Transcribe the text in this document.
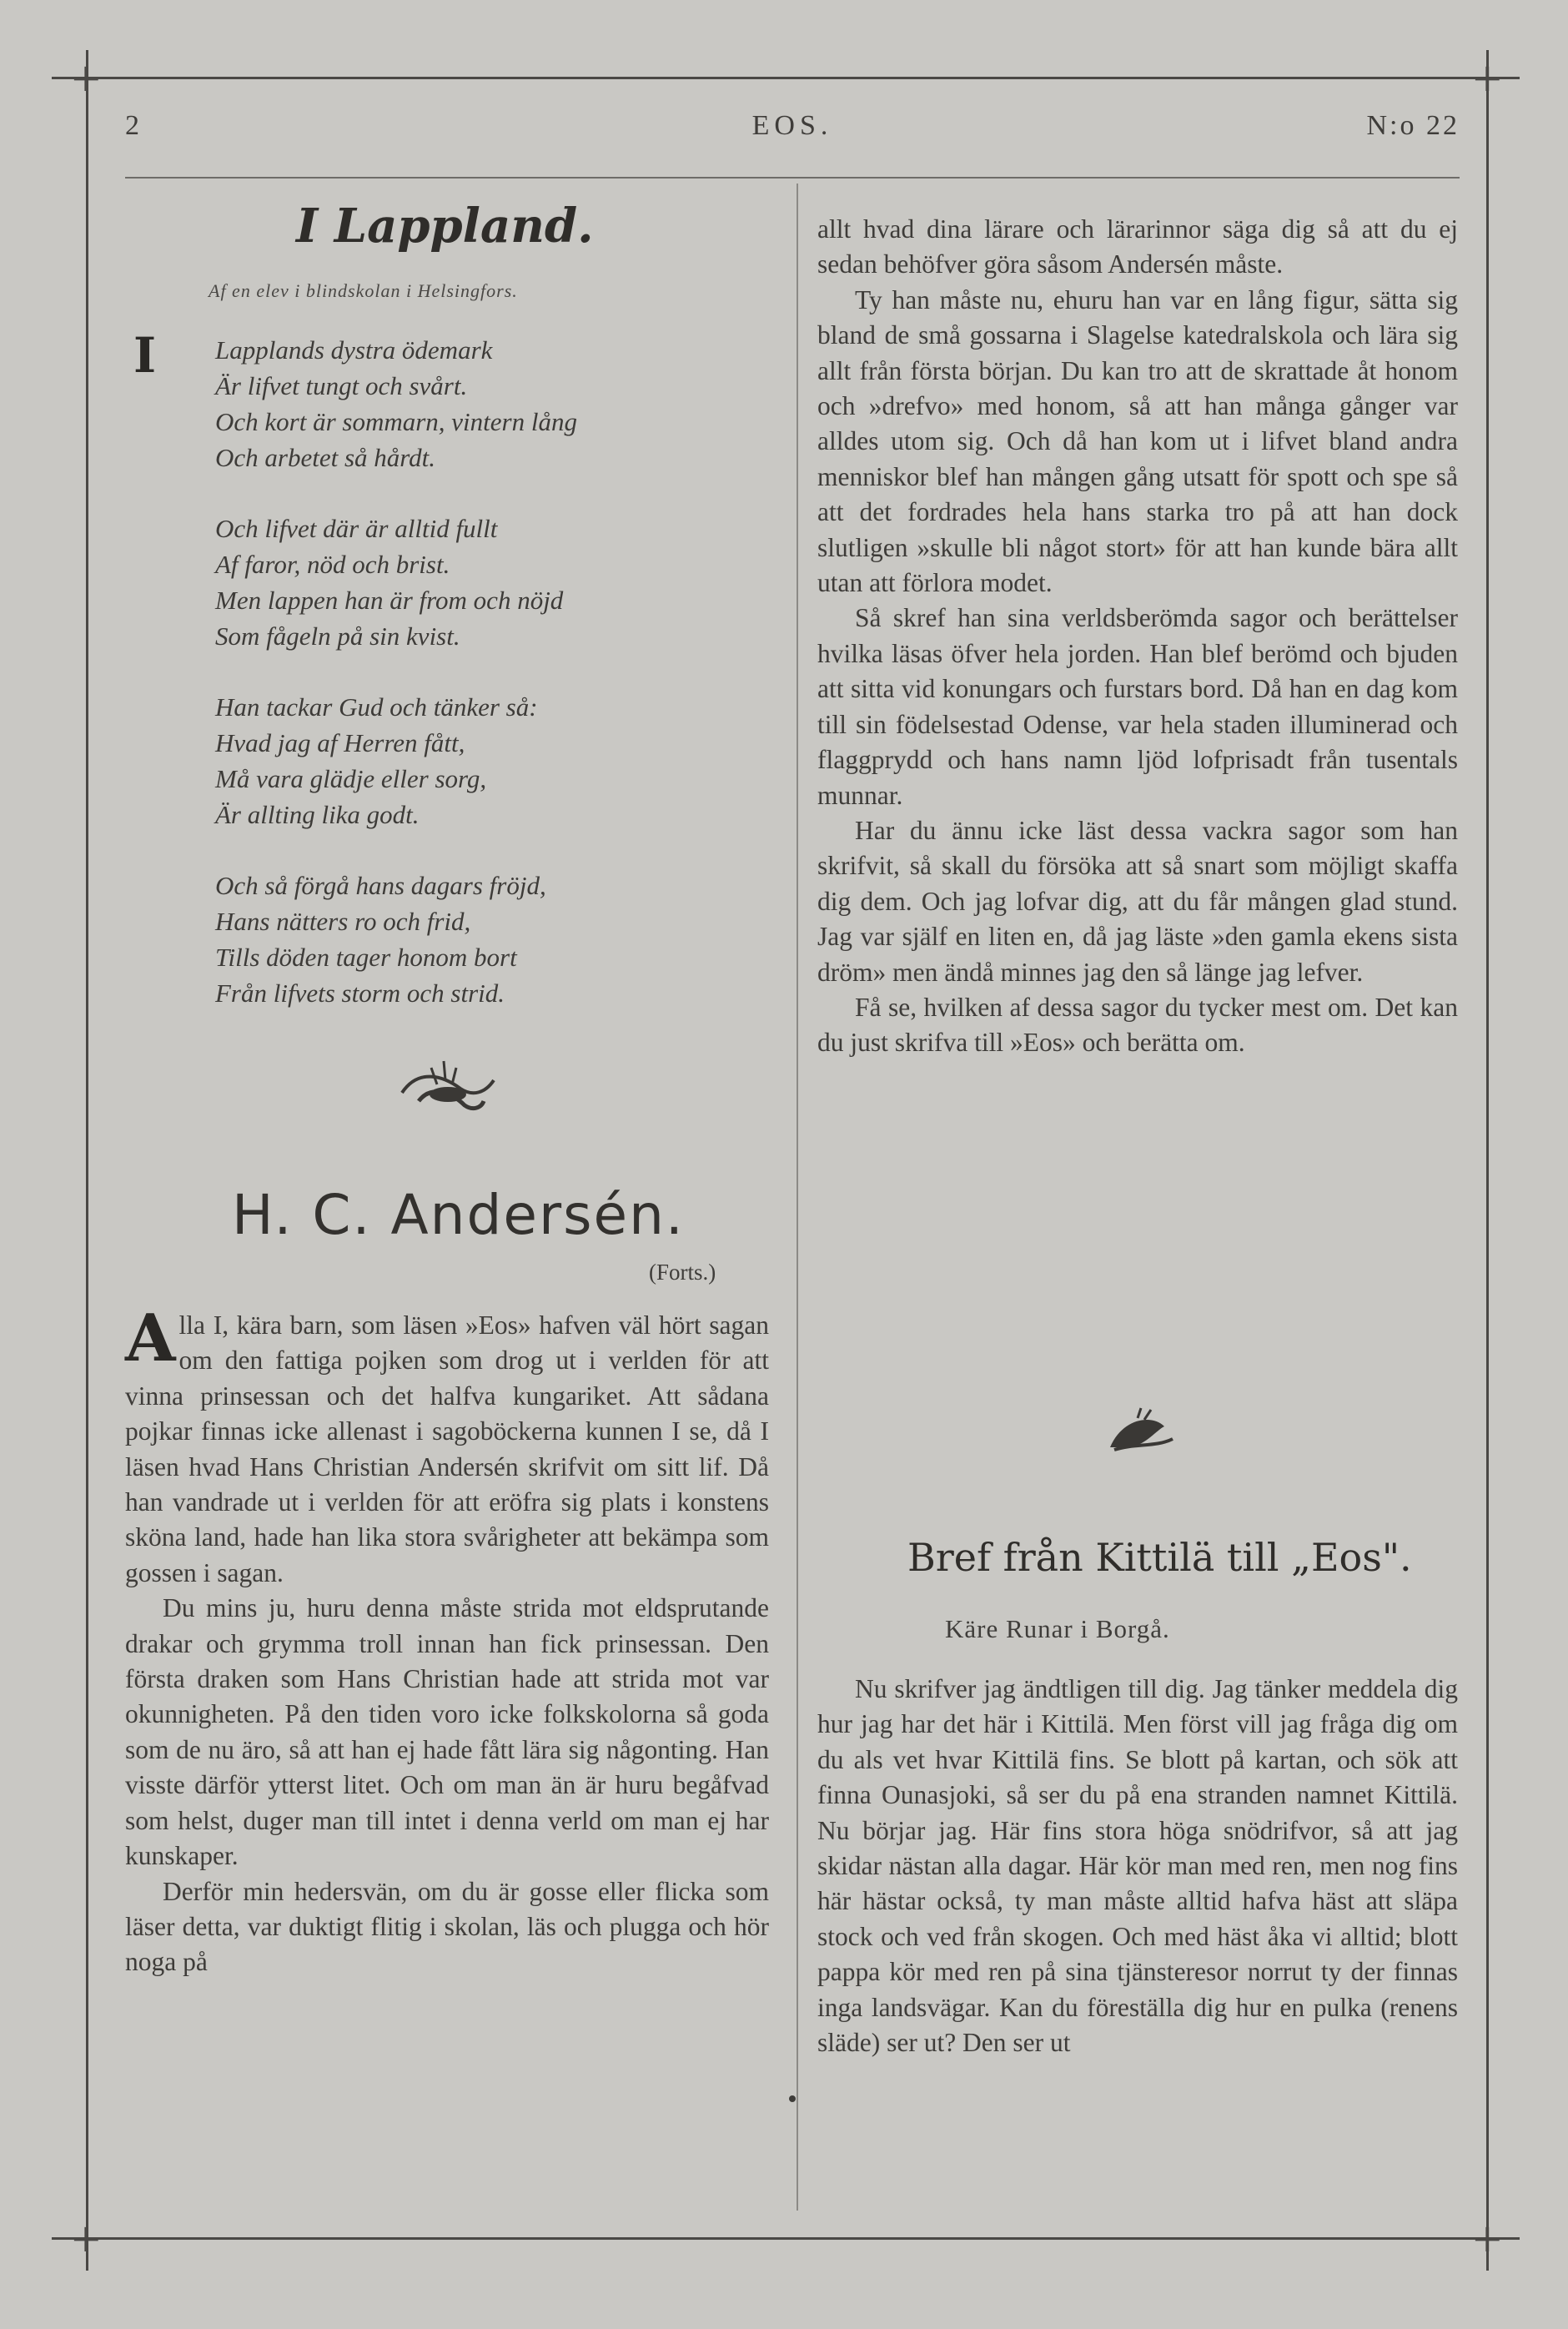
+	+
+	+
2	EOS.	N:o 22
I Lappland.
Af en elev i blindskolan i Helsingfors.
I Lapplands dystra ödemark
Är lifvet tungt och svårt.
Och kort är sommarn, vintern lång
Och arbetet så hårdt.
Och lifvet där är alltid fullt
Af faror, nöd och brist.
Men lappen han är from och nöjd
Som fågeln på sin kvist.
Han tackar Gud och tänker så:
Hvad jag af Herren fått,
Må vara glädje eller sorg,
Är allting lika godt.
Och så förgå hans dagars fröjd,
Hans nätters ro och frid,
Tills döden tager honom bort
Från lifvets storm och strid.
H. C. Andersén.
(Forts.)

Alla I, kära barn, som läsen »Eos» hafven väl hört sagan om den fattiga pojken som drog ut i verlden för att vinna prinsessan och det halfva kungariket. Att sådana pojkar finnas icke allenast i sagoböckerna kunnen I se, då I läsen hvad Hans Christian Andersén skrifvit om sitt lif. Då han vandrade ut i verlden för att eröfra sig plats i konstens sköna land, hade han lika stora svårigheter att bekämpa som gossen i sagan.

Du mins ju, huru denna måste strida mot eldsprutande drakar och grymma troll innan han fick prinsessan. Den första draken som Hans Christian hade att strida mot var okunnigheten. På den tiden voro icke folkskolorna så goda som de nu äro, så att han ej hade fått lära sig någonting. Han visste därför ytterst litet. Och om man än är huru begåfvad som helst, duger man till intet i denna verld om man ej har kunskaper.

Derför min hedersvän, om du är gosse eller flicka som läser detta, var duktigt flitig i skolan, läs och plugga och hör noga på

allt hvad dina lärare och lärarinnor säga dig så att du ej sedan behöfver göra såsom Andersén måste.

Ty han måste nu, ehuru han var en lång figur, sätta sig bland de små gossarna i Slagelse katedralskola och lära sig allt från första början. Du kan tro att de skrattade åt honom och »drefvo» med honom, så att han många gånger var alldes utom sig. Och då han kom ut i lifvet bland andra menniskor blef han mången gång utsatt för spott och spe så att det fordrades hela hans starka tro på att han dock slutligen »skulle bli något stort» för att han kunde bära allt utan att förlora modet.

Så skref han sina verldsberömda sagor och berättelser hvilka läsas öfver hela jorden. Han blef berömd och bjuden att sitta vid konungars och furstars bord. Då han en dag kom till sin födelsestad Odense, var hela staden illuminerad och flaggprydd och hans namn ljöd lofprisadt från tusentals munnar.

Har du ännu icke läst dessa vackra sagor som han skrifvit, så skall du försöka att så snart som möjligt skaffa dig dem. Och jag lofvar dig, att du får mången glad stund. Jag var själf en liten en, då jag läste »den gamla ekens sista dröm» men ändå minnes jag den så länge jag lefver.

Få se, hvilken af dessa sagor du tycker mest om. Det kan du just skrifva till »Eos» och berätta om.

Bref från Kittilä till „Eos".
Käre Runar i Borgå.

Nu skrifver jag ändtligen till dig. Jag tänker meddela dig hur jag har det här i Kittilä. Men först vill jag fråga dig om du als vet hvar Kittilä fins. Se blott på kartan, och sök att finna Ounasjoki, så ser du på ena stranden namnet Kittilä. Nu börjar jag. Här fins stora höga snödrifvor, så att jag skidar nästan alla dagar. Här kör man med ren, men nog fins här hästar också, ty man måste alltid hafva häst att släpa stock och ved från skogen. Och med häst åka vi alltid; blott pappa kör med ren på sina tjänsteresor norrut ty der finnas inga landsvägar. Kan du föreställa dig hur en pulka (renens släde) ser ut? Den ser ut
